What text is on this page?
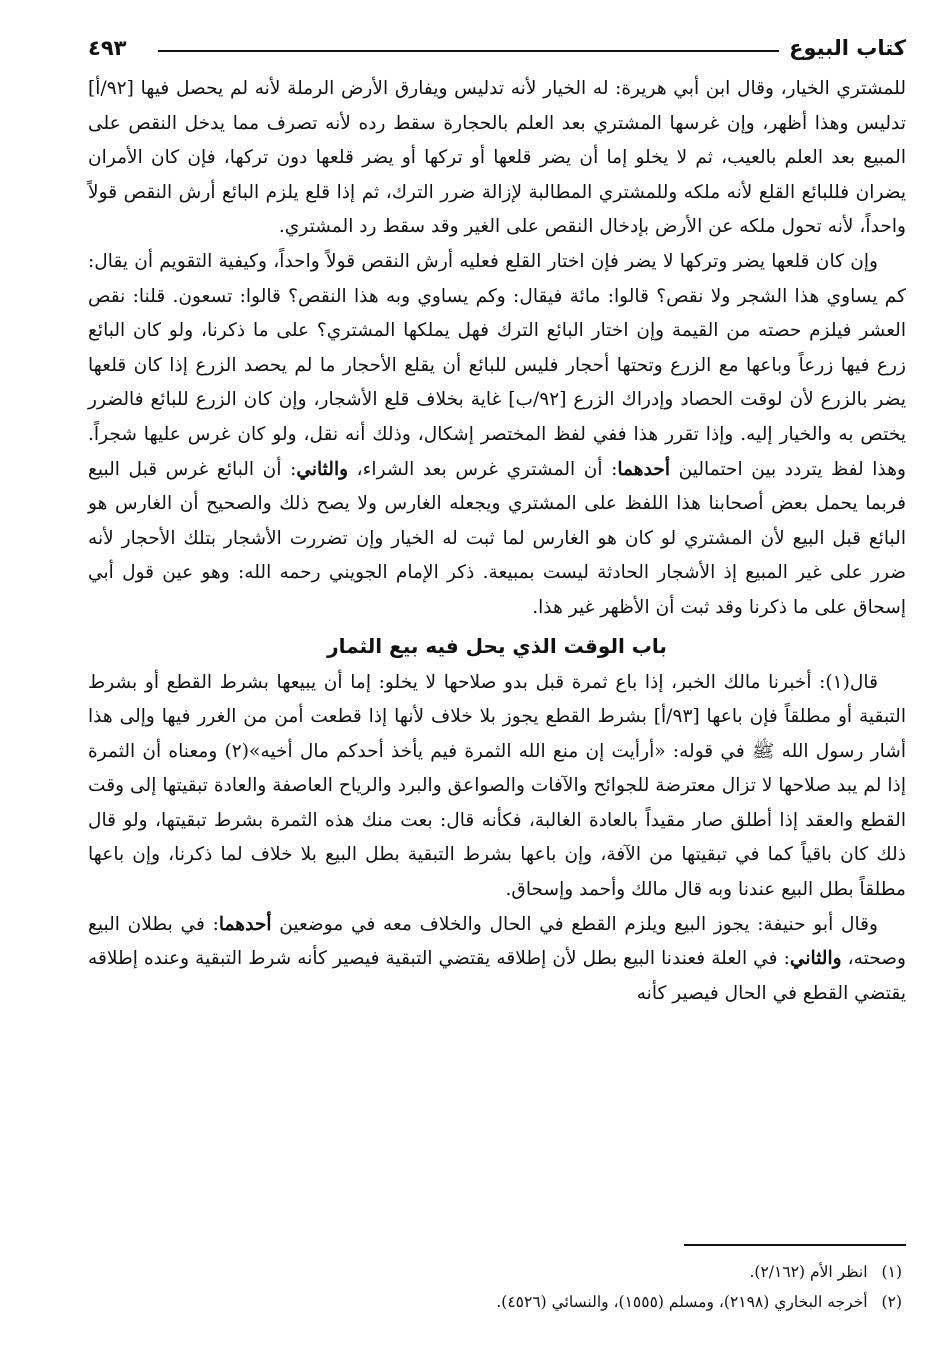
كتاب البيوع
٤٩٣

للمشتري الخيار، وقال ابن أبي هريرة: له الخيار لأنه تدليس ويفارق الأرض الرملة لأنه لم يحصل فيها [٩٢/أ] تدليس وهذا أظهر، وإن غرسها المشتري بعد العلم بالحجارة سقط رده لأنه تصرف مما يدخل النقص على المبيع بعد العلم بالعيب، ثم لا يخلو إما أن يضر قلعها أو تركها أو يضر قلعها دون تركها، فإن كان الأمران يضران فللبائع القلع لأنه ملكه وللمشتري المطالبة لإزالة ضرر الترك، ثم إذا قلع يلزم البائع أرش النقص قولاً واحداً، لأنه تحول ملكه عن الأرض بإدخال النقص على الغير وقد سقط رد المشتري.

وإن كان قلعها يضر وتركها لا يضر فإن اختار القلع فعليه أرش النقص قولاً واحداً، وكيفية التقويم أن يقال: كم يساوي هذا الشجر ولا نقص؟ قالوا: مائة فيقال: وكم يساوي وبه هذا النقص؟ قالوا: تسعون. قلنا: نقص العشر فيلزم حصته من القيمة وإن اختار البائع الترك فهل يملكها المشتري؟ على ما ذكرنا، ولو كان البائع زرع فيها زرعاً وباعها مع الزرع وتحتها أحجار فليس للبائع أن يقلع الأحجار ما لم يحصد الزرع إذا كان قلعها يضر بالزرع لأن لوقت الحصاد وإدراك الزرع [٩٢/ب] غاية بخلاف قلع الأشجار، وإن كان الزرع للبائع فالضرر يختص به والخيار إليه. وإذا تقرر هذا ففي لفظ المختصر إشكال، وذلك أنه نقل، ولو كان غرس عليها شجراً. وهذا لفظ يتردد بين احتمالين أحدهما: أن المشتري غرس بعد الشراء، والثاني: أن البائع غرس قبل البيع فربما يحمل بعض أصحابنا هذا اللفظ على المشتري ويجعله الغارس ولا يصح ذلك والصحيح أن الغارس هو البائع قبل البيع لأن المشتري لو كان هو الغارس لما ثبت له الخيار وإن تضررت الأشجار بتلك الأحجار لأنه ضرر على غير المبيع إذ الأشجار الحادثة ليست بمبيعة. ذكر الإمام الجويني رحمه الله: وهو عين قول أبي إسحاق على ما ذكرنا وقد ثبت أن الأظهر غير هذا.

باب الوقت الذي يحل فيه بيع الثمار

قال(١): أخبرنا مالك الخبر، إذا باع ثمرة قبل بدو صلاحها لا يخلو: إما أن يبيعها بشرط القطع أو بشرط التبقية أو مطلقاً فإن باعها [٩٣/أ] بشرط القطع يجوز بلا خلاف لأنها إذا قطعت أمن من الغرر فيها وإلى هذا أشار رسول الله ﷺ في قوله: «أرأيت إن منع الله الثمرة فيم يأخذ أحدكم مال أخيه»(٢) ومعناه أن الثمرة إذا لم يبد صلاحها لا تزال معترضة للجوائح والآفات والصواعق والبرد والرياح العاصفة والعادة تبقيتها إلى وقت القطع والعقد إذا أطلق صار مقيداً بالعادة الغالبة، فكأنه قال: بعت منك هذه الثمرة بشرط تبقيتها، ولو قال ذلك كان باقياً كما في تبقيتها من الآفة، وإن باعها بشرط التبقية بطل البيع بلا خلاف لما ذكرنا، وإن باعها مطلقاً بطل البيع عندنا وبه قال مالك وأحمد وإسحاق.

وقال أبو حنيفة: يجوز البيع ويلزم القطع في الحال والخلاف معه في موضعين أحدهما: في بطلان البيع وصحته، والثاني: في العلة فعندنا البيع بطل لأن إطلاقه يقتضي التبقية فيصير كأنه شرط التبقية وعنده إطلاقه يقتضي القطع في الحال فيصير كأنه

(١)
انظر الأم (٢/١٦٢).
(٢)
أخرجه البخاري (٢١٩٨)، ومسلم (١٥٥٥)، والنسائي (٤٥٢٦).
